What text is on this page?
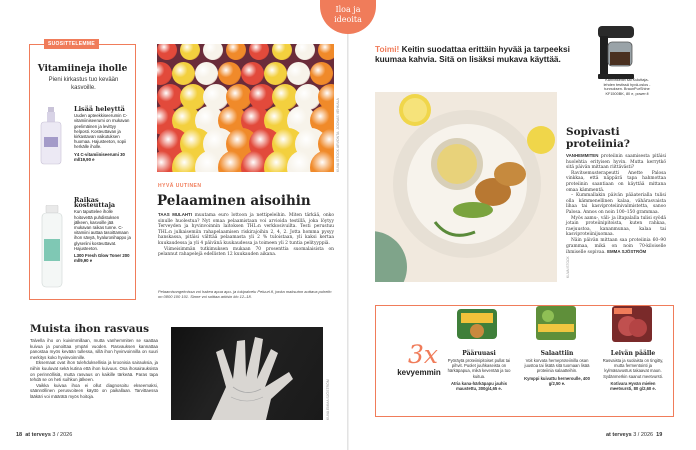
Iloa ja
ideoita
SUOSITTELEMME
Vitamiineja iholle
Pieni kirkastus tuo kevään kasvoille.
Lisää heleyttä
Uuden apteekkiseerumin C-vitamiiniseerumi on mukavan geelimäinen ja levittyy helposti. Kosteuttavan ja kirkastavan vaikutuksen huomaa. Hajusteeton, sopii herkälle iholle.
Y4 C-vitamiiniseerumi 30 ml/19,90 e
Raikas kosteuttaja
Kun taputtelee iholle hoitovettä puhdistuksen jälkeen, kasvoille jää mukavan raikas tunne. C-vitamiini auttaa tasoittamaan ihon sävyä, hyaluronihappo ja glyseriini kosteuttavat. Hajusteeton.
L300 Fresh Glow Toner 200 ml/9,90 e
KUVA ISTOCK ARVONTA: JOONAS VEHKALA
HYVÄ UUTINEN
Pelaaminen aisoihin
TAAS MULAHTI muutama euro lottoon ja nettipeleihin. Miten tärkää, onko sinulle huolestua? Nyt omaa pelaamistaan voi arvioida testillä, joka löytyy Terveyden ja hyvinvoinnin laitoksen THL:n verkkosivuilta. Testi perustuu THL:n julkaisemiin rahapelaamisen riskirajoihin 2, 4, 2. Jotta homma pysyy hanskassa, pitäisi välttää pelaamasta yli 2 % tuloistaan, yli kaksi kertaa kuukaudessa ja yli 4 päivänä kuukaudessa ja toimeen yli 2 tuntia pelityyppiä.
Viimeisimmän tutkimuksen mukaan 70 prosenttia suomalaisista on pelannut rahapelejä edellisten 12 kuukauden aikana.
Pelaamisongelmissa voi hakea apua apu- ja tukipalvelu Peluuri.fi, jonka maksuton auttava puhelin on 0800 100 101. Sinne voi soittaa arkisin klo 12–18.
Muista ihon rasvaus
Talvella iho on kuivimmillaan, mutta vanhemmiten se saattaa kuivua ja punoittaa ympäri vuoden. Rasvauksen kannattaa panostaa myös kevään tullessa, sillä ihon hyvinvoinnilla on suuri merkitys koko hyvinvoinnille.
Eksemaat ovat ihon tulehduksellisia ja kroonisia sairauksia, ja niihin kuuluvat sekä kutina että ihon kuivuus. Osa ihosairauksista on perinnöllisiä, mutta rasvaus on kaikille tärkeää. Paras tapa tehdä se on heti suihkun jälkeen.
Vaikka kuivaa ihoa ei ollut diagnosoitu ekseemaksi, säännöllinen perusvoiteen käyttö on paikallaan. Tarvittaessa lääkäri voi määrätä myös hoitoja.	KUVA EMMA SJÖSTRÖM
18 at terveys 3 / 2026
Toimi! Keitin suodattaa erittäin hyvää ja tarpeeksi kuumaa kahvia. Sitä on lisäksi mukava käyttää.
Kahvinkeitin sai Kuluttaja-lehden testissä hyvä-oslos -tunnuksen. BraunPurShine KF1500BK, 80 e, power.fi
Sopivasti proteiinia?
VANHEMMITEN proteiinin saamisesta pitäisi huolehtia erityisen hyvin. Mutta kerrytkö sitä päivän mittaan riittävästi?
Ravitsemusterapeutti Anette Palosa vinkkaa, että näppärä tapa hahmottaa proteiinin saantiaan on käyttää mittana omaa kämmentä.
– Kummallakin päivän pääaterialla tulisi olla kämmenellinen kalaa, vähärasvaista lihaa tai kasviproteiinivalmistetta, sanoo Palosa. Annos on noin 100–150 grammaa.
Myös aamu-, väli- ja iltapalalla tulisi syödä jotain proteiinipitoista, kuten rahkaa, raejuustoa, kananmunaa, kalaa tai kasviproteiinijuomaa.
Näin päivän mittaan saa proteiinia 60–90 grammaa, mikä on noin 70-kiloiselle ihmiselle sopivaa. EMMA SJÖSTRÖM
KUVA ISTOCK
3x
kevyemmin
Pääruuasi

Pyöräytä proteiinipitoiset pullat tai pihvit. Puolet juuhkaseista on härkäpapua, mikä keventää ja tuo kuitua.

Atria kana-härkäpapu jauhis maustettu, 300g/4,65 e.

Salaattiin

Voit korvata herneproteiinilla osan juustoa tai lisätä sitä tuomaan lisää proteiinia salaatteihin.

Kymppi kuivattu herneroulle, 400 g/2,50 e.

Leivän päälle

Rasvaista ja suolaista on tingitty, mutta fermentointi ja kylmäsavustus takaavat maun. Sydänmerkin saanut meetvursti.

Kotivara Hyvän mielen meetvursti, 80 g/2,60 e.

at terveys 3 / 2026 19
